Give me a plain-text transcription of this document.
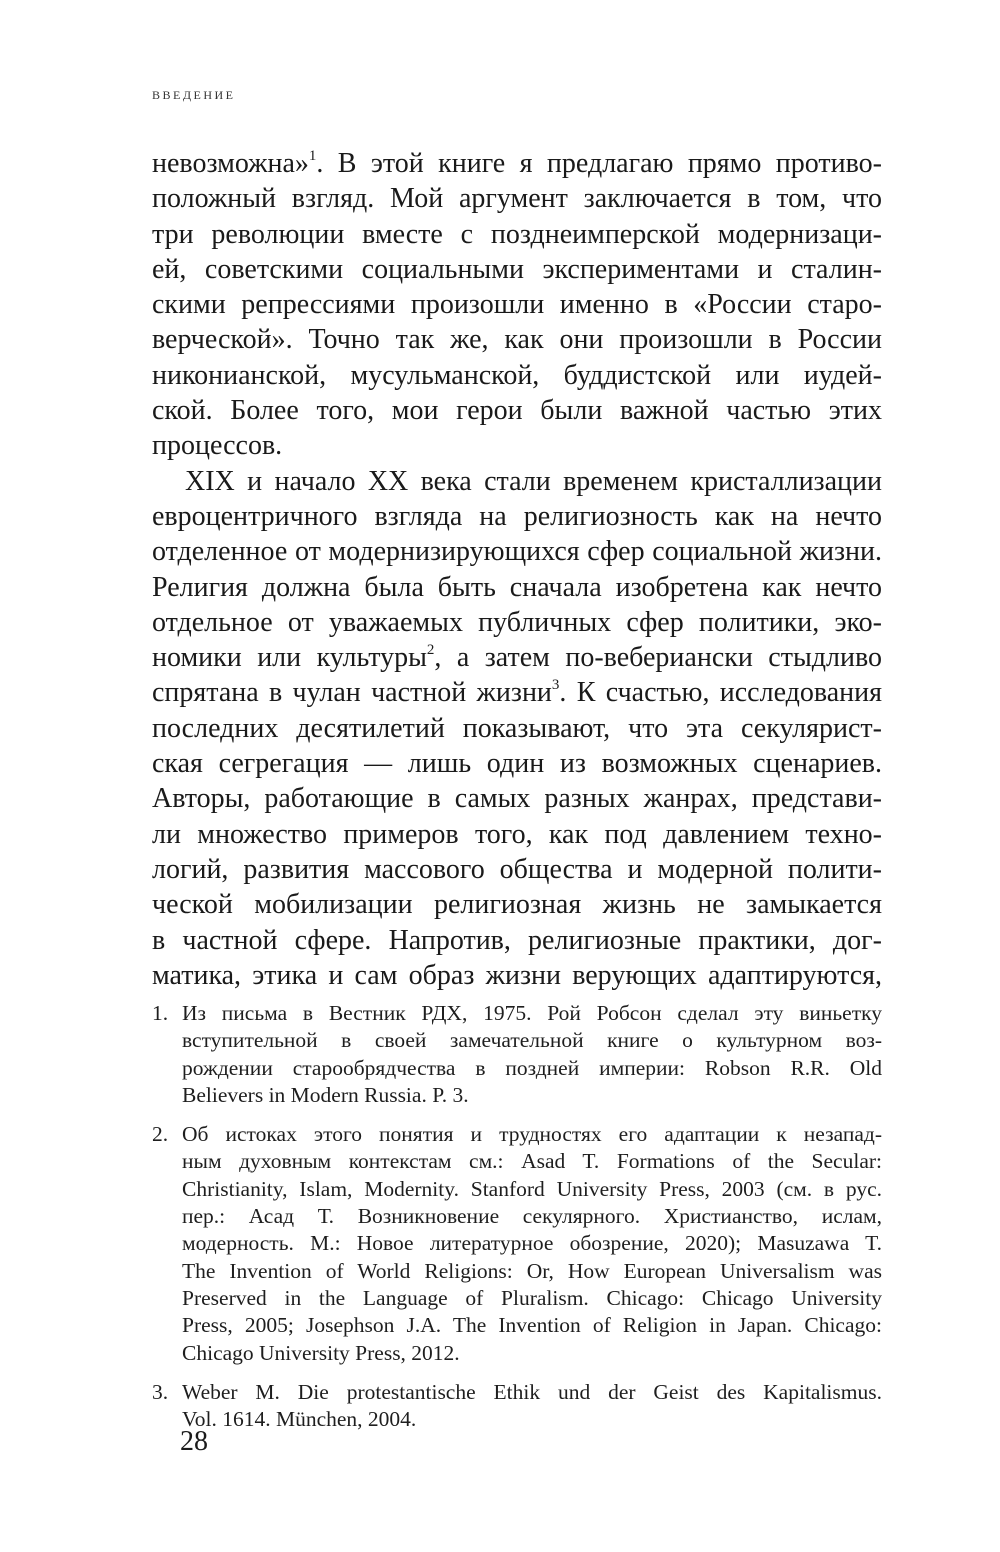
ВВЕДЕНИЕ
невозможна»$^1$. В этой книге я предлагаю прямо противо-
положный взгляд. Мой аргумент заключается в том, что
три революции вместе с позднеимперской модернизаци-
ей, советскими социальными экспериментами и сталин-
скими репрессиями произошли именно в «России старо-
верческой». Точно так же, как они произошли в России
никонианской, мусульманской, буддистской или иудей-
ской. Более того, мои герои были важной частью этих
процессов.
XIX и начало XX века стали временем кристаллизации
евроцентричного взгляда на религиозность как на нечто
отделенное от модернизирующихся сфер социальной жизни.
Религия должна была быть сначала изобретена как нечто
отдельное от уважаемых публичных сфер политики, эко-
номики или культуры$^2$, а затем по-вебериански стыдливо
спрятана в чулан частной жизни$^3$. К счастью, исследования
последних десятилетий показывают, что эта секулярист-
ская сегрегация — лишь один из возможных сценариев.
Авторы, работающие в самых разных жанрах, представи-
ли множество примеров того, как под давлением техно-
логий, развития массового общества и модерной полити-
ческой мобилизации религиозная жизнь не замыкается
в частной сфере. Напротив, религиозные практики, дог-
матика, этика и сам образ жизни верующих адаптируются,
1. Из письма в Вестник РДХ, 1975. Рой Робсон сделал эту виньетку
вступительной в своей замечательной книге о культурном воз-
рождении старообрядчества в поздней империи: Robson R.R. Old
Believers in Modern Russia. P. 3.
2. Об истоках этого понятия и трудностях его адаптации к незапад-
ным духовным контекстам см.: Asad T. Formations of the Secular:
Christianity, Islam, Modernity. Stanford University Press, 2003 (см. в рус.
пер.: Асад Т. Возникновение секулярного. Христианство, ислам,
модерность. М.: Новое литературное обозрение, 2020); Masuzawa T.
The Invention of World Religions: Or, How European Universalism was
Preserved in the Language of Pluralism. Chicago: Chicago University
Press, 2005; Josephson J.A. The Invention of Religion in Japan. Chicago:
Chicago University Press, 2012.
3. Weber M. Die protestantische Ethik und der Geist des Kapitalismus.
Vol. 1614. München, 2004.
28
